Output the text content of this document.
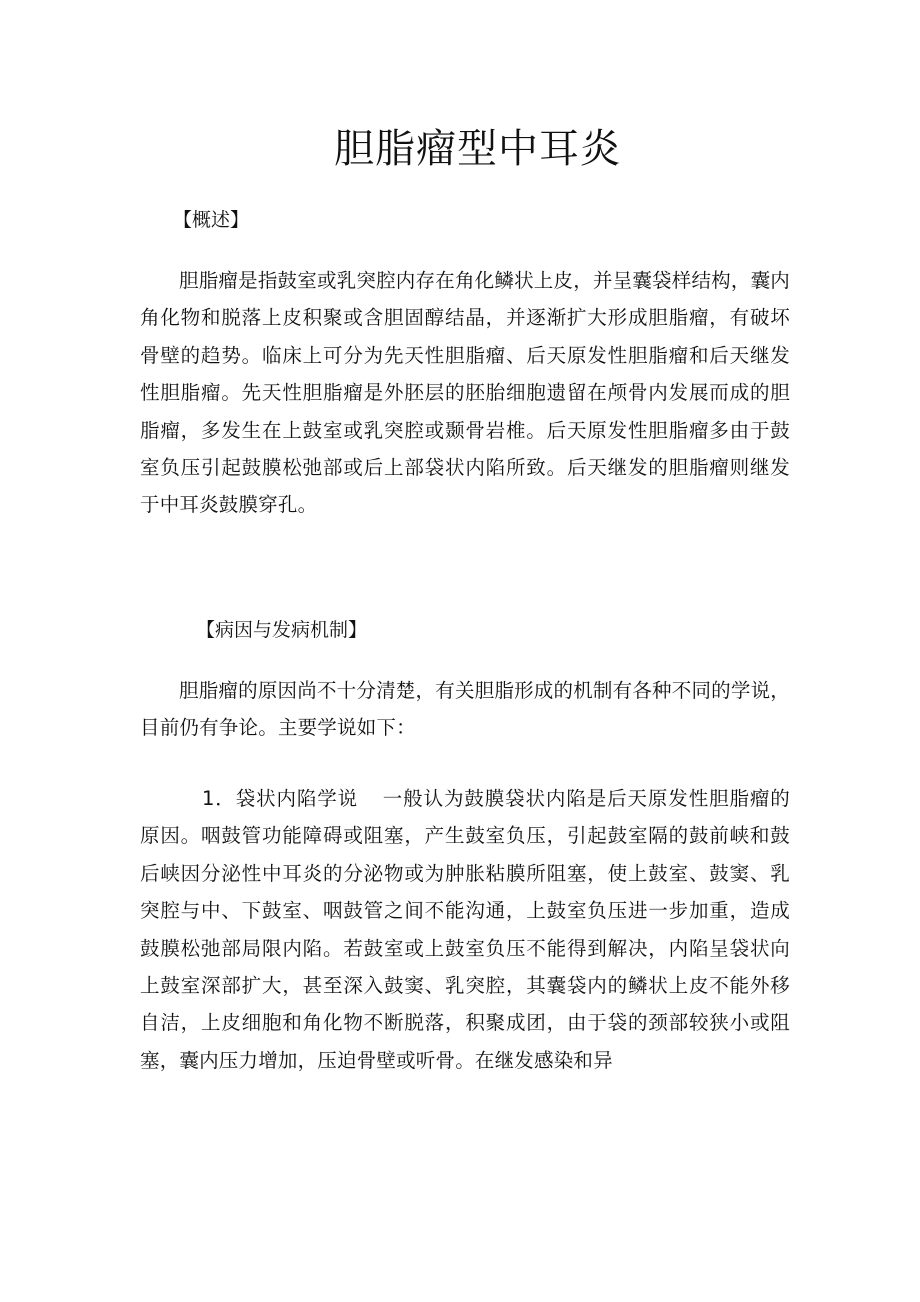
胆脂瘤型中耳炎
【概述】

胆脂瘤是指鼓室或乳突腔内存在角化鳞状上皮，并呈囊袋样结构，囊内角化物和脱落上皮积聚或含胆固醇结晶，并逐渐扩大形成胆脂瘤，有破坏骨壁的趋势。临床上可分为先天性胆脂瘤、后天原发性胆脂瘤和后天继发性胆脂瘤。先天性胆脂瘤是外胚层的胚胎细胞遗留在颅骨内发展而成的胆脂瘤，多发生在上鼓室或乳突腔或颞骨岩椎。后天原发性胆脂瘤多由于鼓室负压引起鼓膜松弛部或后上部袋状内陷所致。后天继发的胆脂瘤则继发于中耳炎鼓膜穿孔。

【病因与发病机制】

胆脂瘤的原因尚不十分清楚，有关胆脂形成的机制有各种不同的学说，目前仍有争论。主要学说如下：

1．袋状内陷学说 一般认为鼓膜袋状内陷是后天原发性胆脂瘤的原因。咽鼓管功能障碍或阻塞，产生鼓室负压，引起鼓室隔的鼓前峡和鼓后峡因分泌性中耳炎的分泌物或为肿胀粘膜所阻塞，使上鼓室、鼓窦、乳突腔与中、下鼓室、咽鼓管之间不能沟通，上鼓室负压进一步加重，造成鼓膜松弛部局限内陷。若鼓室或上鼓室负压不能得到解决，内陷呈袋状向上鼓室深部扩大，甚至深入鼓窦、乳突腔，其囊袋内的鳞状上皮不能外移自洁，上皮细胞和角化物不断脱落，积聚成团，由于袋的颈部较狭小或阻塞，囊内压力增加，压迫骨壁或听骨。在继发感染和异
